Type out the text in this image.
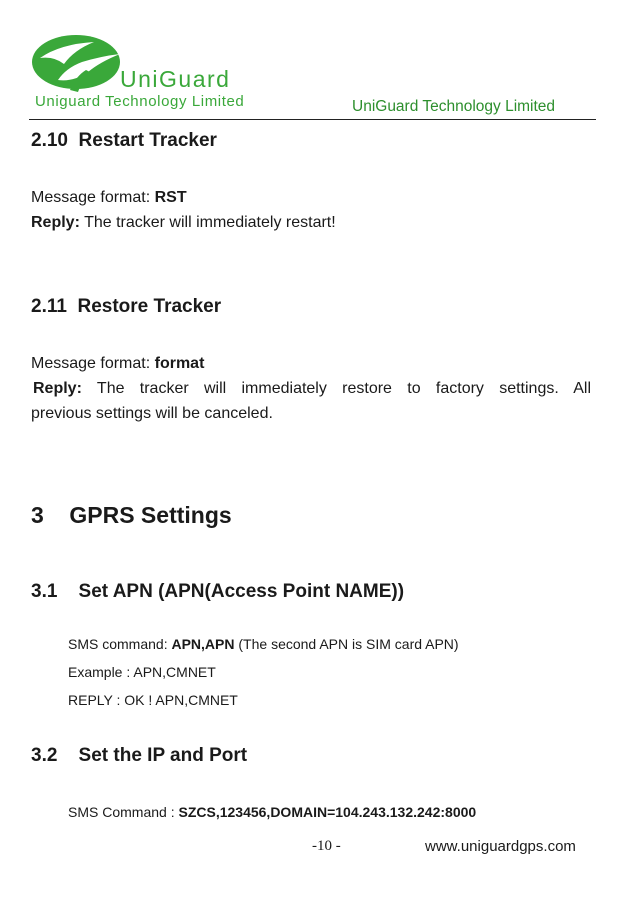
UniGuard
Uniguard Technology Limited	UniGuard Technology Limited
2.10 Restart Tracker
Message format: RST
Reply: The tracker will immediately restart!
2.11 Restore Tracker
Message format: format
Reply: The tracker will immediately restore to factory settings. All
previous settings will be canceled.
3 GPRS Settings
3.1 Set APN (APN(Access Point NAME))
SMS command: APN,APN (The second APN is SIM card APN)
Example : APN,CMNET
REPLY : OK ! APN,CMNET
3.2 Set the IP and Port
SMS Command : SZCS,123456,DOMAIN=104.243.132.242:8000
-10 -	www.uniguardgps.com
